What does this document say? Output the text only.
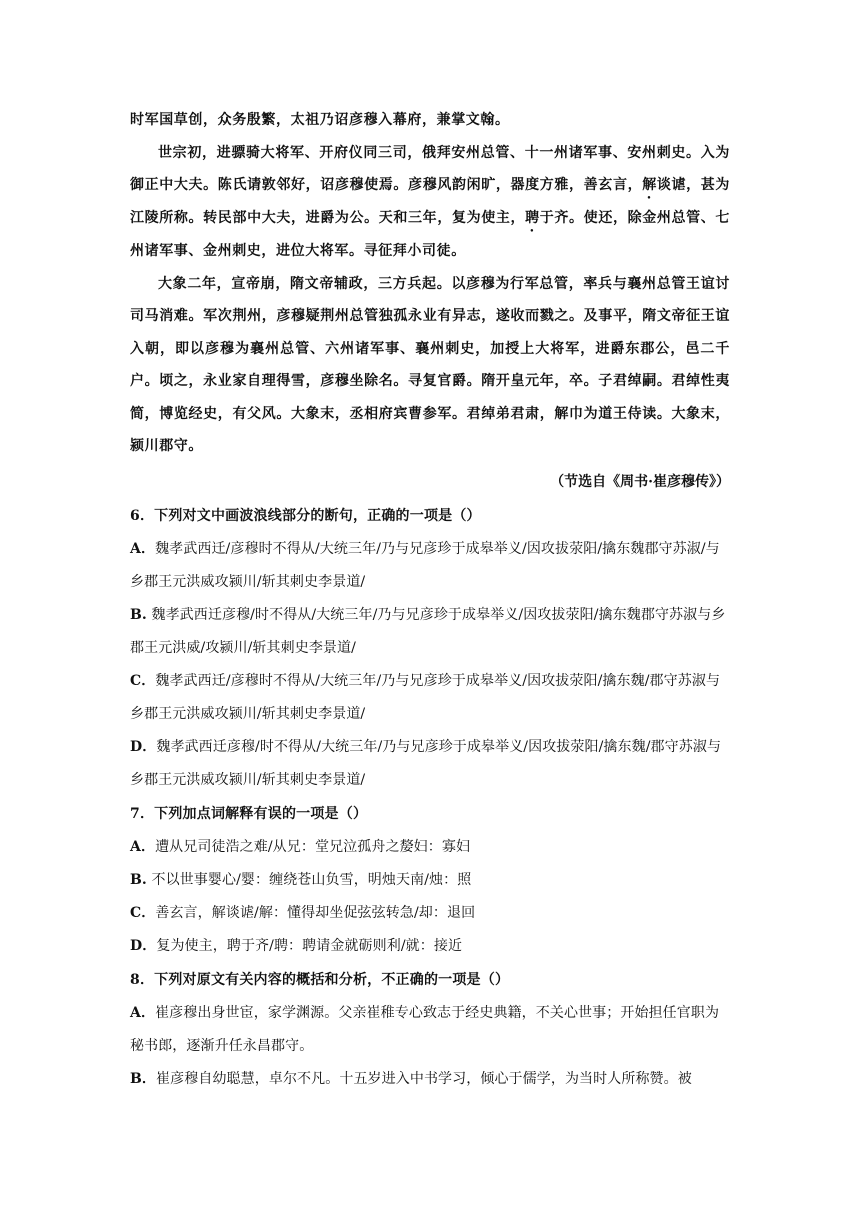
时军国草创，众务殷繁，太祖乃诏彦穆入幕府，兼掌文翰。

世宗初，进骠骑大将军、开府仪同三司，俄拜安州总管、十一州诸军事、安州刺史。入为御正中大夫。陈氏请敦邻好，诏彦穆使焉。彦穆风韵闲旷，器度方雅，善玄言，解谈谑，甚为江陵所称。转民部中大夫，进爵为公。天和三年，复为使主，聘于齐。使还，除金州总管、七州诸军事、金州刺史，进位大将军。寻征拜小司徒。

大象二年，宣帝崩，隋文帝辅政，三方兵起。以彦穆为行军总管，率兵与襄州总管王谊讨司马消难。军次荆州，彦穆疑荆州总管独孤永业有异志，遂收而戮之。及事平，隋文帝征王谊入朝，即以彦穆为襄州总管、六州诸军事、襄州刺史，加授上大将军，进爵东郡公，邑二千户。顷之，永业家自理得雪，彦穆坐除名。寻复官爵。隋开皇元年，卒。子君绰嗣。君绰性夷简，博览经史，有父风。大象末，丞相府宾曹参军。君绰弟君肃，解巾为道王侍读。大象末，颍川郡守。

（节选自《周书·崔彦穆传》）

6．下列对文中画波浪线部分的断句，正确的一项是（）

A．魏孝武西迁/彦穆时不得从/大统三年/乃与兄彦珍于成皋举义/因攻拔荥阳/擒东魏郡守苏淑/与乡郡王元洪威攻颍川/斩其刺史李景道/

B. 魏孝武西迁彦穆/时不得从/大统三年/乃与兄彦珍于成皋举义/因攻拔荥阳/擒东魏郡守苏淑与乡郡王元洪威/攻颍川/斩其刺史李景道/

C．魏孝武西迁/彦穆时不得从/大统三年/乃与兄彦珍于成皋举义/因攻拔荥阳/擒东魏/郡守苏淑与乡郡王元洪威攻颍川/斩其刺史李景道/

D．魏孝武西迁彦穆/时不得从/大统三年/乃与兄彦珍于成皋举义/因攻拔荥阳/擒东魏/郡守苏淑与乡郡王元洪威攻颍川/斩其刺史李景道/

7．下列加点词解释有误的一项是（）

A．遭从兄司徒浩之难/从兄：堂兄泣孤舟之嫠妇：寡妇

B. 不以世事婴心/婴：缠绕苍山负雪，明烛天南/烛：照

C．善玄言，解谈谑/解：懂得却坐促弦弦转急/却：退回

D．复为使主，聘于齐/聘：聘请金就砺则利/就：接近

8．下列对原文有关内容的概括和分析，不正确的一项是（）

A．崔彦穆出身世宦，家学渊源。父亲崔稚专心致志于经史典籍，不关心世事；开始担任官职为秘书郎，逐渐升任永昌郡守。

B．崔彦穆自幼聪慧，卓尔不凡。十五岁进入中书学习，倾心于儒学，为当时人所称赞。被
